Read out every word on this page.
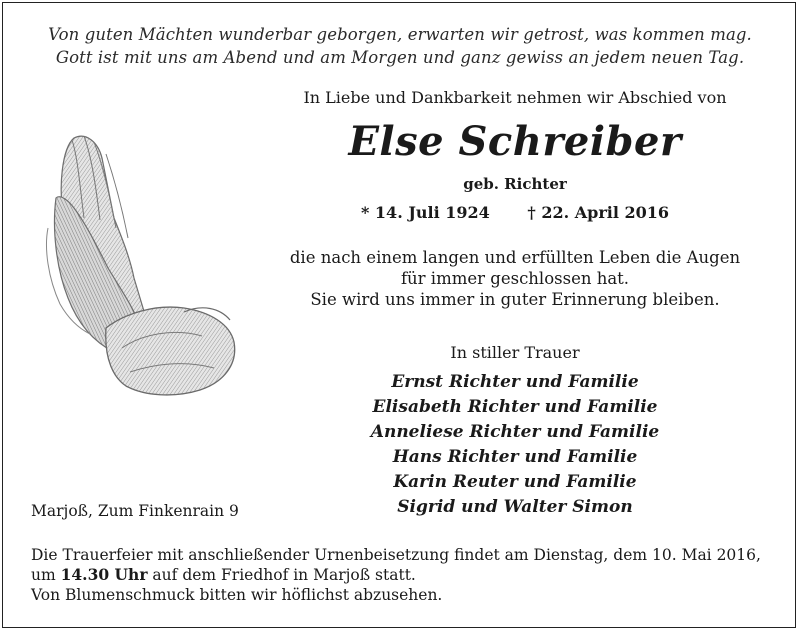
Von guten Mächten wunderbar geborgen, erwarten wir getrost, was kommen mag.
Gott ist mit uns am Abend und am Morgen und ganz gewiss an jedem neuen Tag.
In Liebe und Dankbarkeit nehmen wir Abschied von
Else Schreiber
geb. Richter
* 14. Juli 1924 † 22. April 2016
die nach einem langen und erfüllten Leben die Augen
für immer geschlossen hat.
Sie wird uns immer in guter Erinnerung bleiben.
In stiller Trauer
Ernst Richter und Familie
Elisabeth Richter und Familie
Anneliese Richter und Familie
Hans Richter und Familie
Karin Reuter und Familie
Sigrid und Walter Simon
Marjoß, Zum Finkenrain 9
Die Trauerfeier mit anschließender Urnenbeisetzung findet am Dienstag, dem 10. Mai 2016,
um 14.30 Uhr auf dem Friedhof in Marjoß statt.
Von Blumenschmuck bitten wir höflichst abzusehen.
